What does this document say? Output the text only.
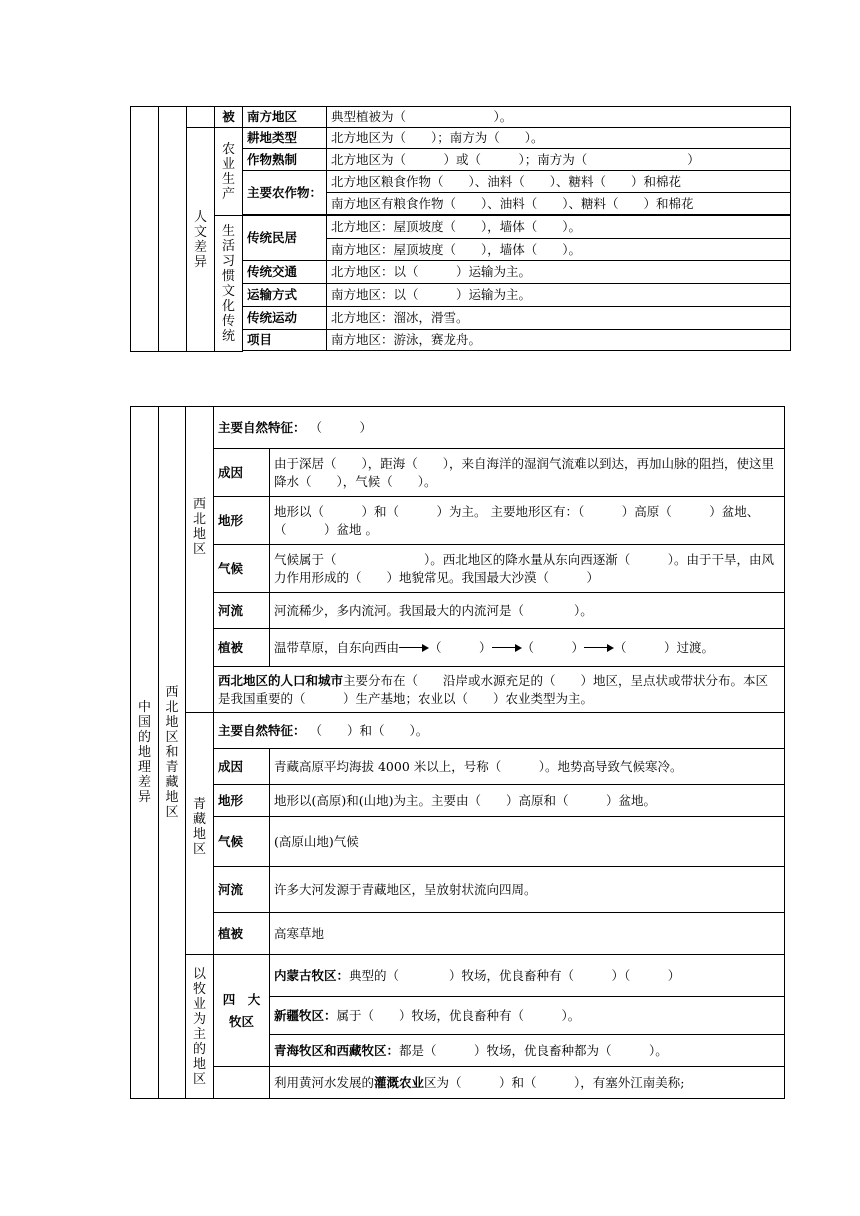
			被	南方地区	典型植被为（　　　　　　　）。
		人文差异	农业生产	耕地类型	北方地区为（　　）；南方为（　　）。
				作物熟制	北方地区为（　　　）或（　　　）；南方为（　　　　　　　　）
				主要农作物：	北方地区粮食作物（　　）、油料（　　）、糖料（　　）和棉花
					南方地区有粮食作物（　　）、油料（　　）、糖料（　　）和棉花

			生活习惯文化传统	传统民居	北方地区：屋顶坡度（　　），墙体（　　）。
					南方地区：屋顶坡度（　　），墙体（　　）。
				传统交通	北方地区：以（　　　）运输为主。
				运输方式	南方地区：以（　　　）运输为主。
				传统运动	北方地区：溜冰，滑雪。
				项目	南方地区：游泳，赛龙舟。

中国的地理差异	西北地区和青藏地区	西北地区	主要自然特征： （　　　）	
			成因	由于深居（　　），距海（　　），来自海洋的湿润气流难以到达，再加山脉的阻挡，使这里降水（　　），气候（　　）。
			地形	地形以（　　　）和（　　　）为主。 主要地形区有：（　　　）高原（　　　）盆地、（　　　）盆地 。
			气候	气候属于（　　　　　　　）。西北地区的降水量从东向西逐渐（　　　）。由于干旱，由风力作用形成的（　　）地貌常见。我国最大沙漠（　　　）
			河流	河流稀少，多内流河。我国最大的内流河是（　　　　）。
			植被	温带草原，自东向西由 （　　　） （　　　） （　　　）过渡。
			西北地区的人口和城市主要分布在（　　沿岸或水源充足的（　　）地区，呈点状或带状分布。本区是我国重要的（　　　）生产基地；农业以（　　）农业类型为主。	
		青藏地区	主要自然特征： （　　）和（　　）。	
			成因	青藏高原平均海拔 4000 米以上，号称（　　　）。地势高导致气候寒冷。
			地形	地形以(高原)和(山地)为主。主要由（　　）高原和（　　　）盆地。
			气候	(高原山地)气候
			河流	许多大河发源于青藏地区，呈放射状流向四周。
			植被	高寒草地
		以牧业为主的地区	四　大牧区	内蒙古牧区：典型的（　　　　）牧场，优良畜种有（　　　）（　　　）
				新疆牧区：属于（　　）牧场，优良畜种有（　　　）。
				青海牧区和西藏牧区：都是（　　　）牧场，优良畜种都为（　　　）。
				利用黄河水发展的灌溉农业区为（　　　）和（　　　），有塞外江南美称;
